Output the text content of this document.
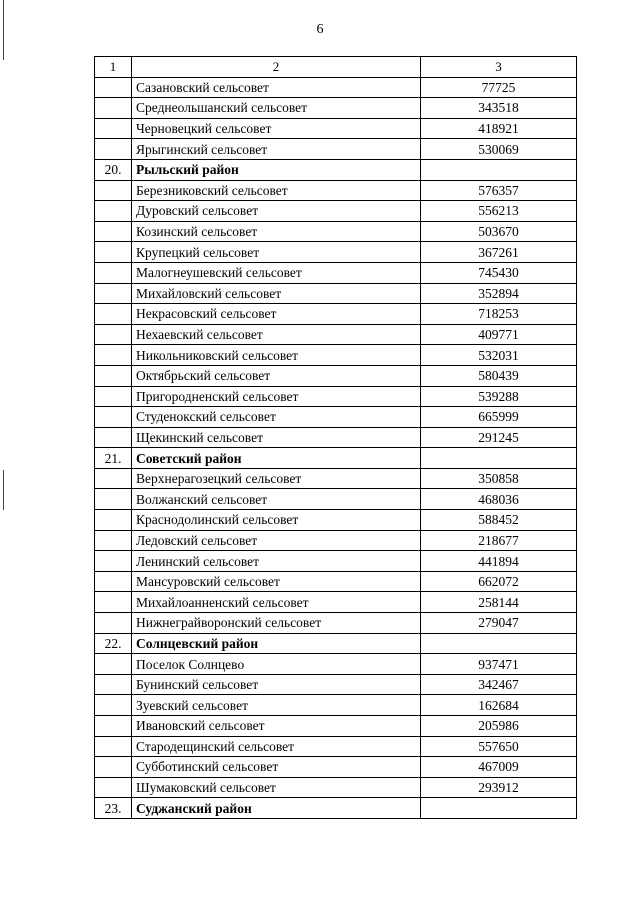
6
1	2	3
	Сазановский сельсовет	77725
	Среднеольшанский сельсовет	343518
	Черновецкий сельсовет	418921
	Ярыгинский сельсовет	530069
20.	Рыльский район	
	Березниковский сельсовет	576357
	Дуровский сельсовет	556213
	Козинский сельсовет	503670
	Крупецкий сельсовет	367261
	Малогнеушевский сельсовет	745430
	Михайловский сельсовет	352894
	Некрасовский сельсовет	718253
	Нехаевский сельсовет	409771
	Никольниковский сельсовет	532031
	Октябрьский сельсовет	580439
	Пригородненский сельсовет	539288
	Студенокский сельсовет	665999
	Щекинский сельсовет	291245
21.	Советский район	
	Верхнерагозецкий сельсовет	350858
	Волжанский сельсовет	468036
	Краснодолинский сельсовет	588452
	Ледовский сельсовет	218677
	Ленинский сельсовет	441894
	Мансуровский сельсовет	662072
	Михайлоанненский сельсовет	258144
	Нижнеграйворонский сельсовет	279047
22.	Солнцевский район	
	Поселок Солнцево	937471
	Бунинский сельсовет	342467
	Зуевский сельсовет	162684
	Ивановский сельсовет	205986
	Стародещинский сельсовет	557650
	Субботинский сельсовет	467009
	Шумаковский сельсовет	293912
23.	Суджанский район	
